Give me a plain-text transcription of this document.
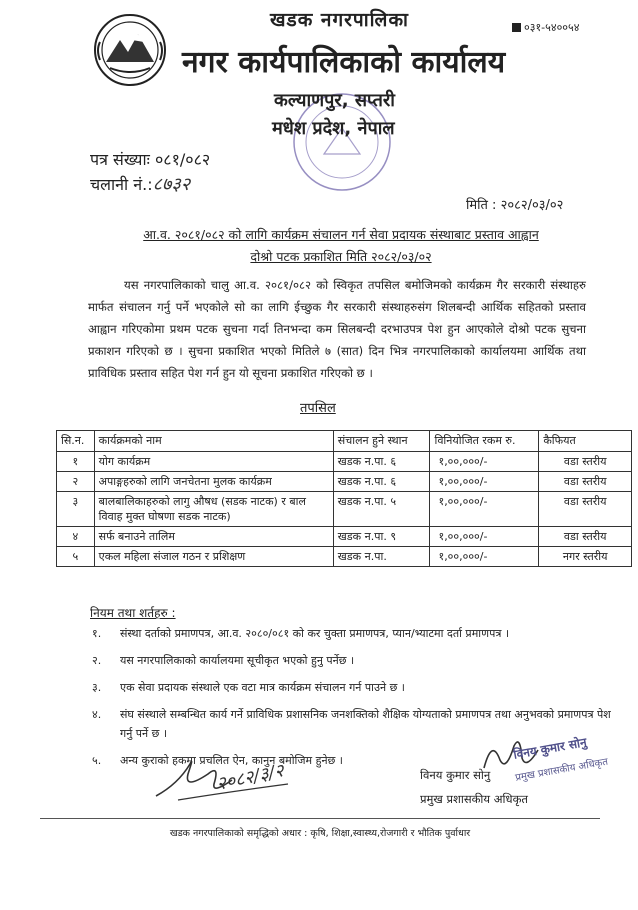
खडक नगरपालिका
नगर कार्यपालिकाको कार्यालय
०३१-५४००५४
कल्याणपुर, सप्तरी
मधेश प्रदेश, नेपाल
पत्र संख्याः ०८१/०८२
चलानी नं.:८७३२
मिति : २०८२/०३/०२
आ.व. २०८१/०८२ को लागि कार्यक्रम संचालन गर्न सेवा प्रदायक संस्थाबाट प्रस्ताव आह्वान
दोश्रो पटक प्रकाशित मिति २०८२/०३/०२
यस नगरपालिकाको चालु आ.व. २०८१/०८२ को स्विकृत तपसिल बमोजिमको कार्यक्रम गैर सरकारी संस्थाहरु मार्फत संचालन गर्नु पर्ने भएकोले सो का लागि ईच्छुक गैर सरकारी संस्थाहरुसंग शिलबन्दी आर्थिक सहितको प्रस्ताव आह्वान गरिएकोमा प्रथम पटक सुचना गर्दा तिनभन्दा कम सिलबन्दी दरभाउपत्र पेश हुन आएकोले दोश्रो पटक सुचना प्रकाशन गरिएको छ । सुचना प्रकाशित भएको मितिले ७ (सात) दिन भित्र नगरपालिकाको कार्यालयमा आर्थिक तथा प्राविधिक प्रस्ताव सहित पेश गर्न हुन यो सूचना प्रकाशित गरिएको छ ।
तपसिल
सि.न.	कार्यक्रमको नाम	संचालन हुने स्थान	विनियोजित रकम रु.	कैफियत
१	योग कार्यक्रम	खडक न.पा. ६	१,००,०००/-	वडा स्तरीय
२	अपाङ्गहरुको लागि जनचेतना मुलक कार्यक्रम	खडक न.पा. ६	१,००,०००/-	वडा स्तरीय
३	बालबालिकाहरुको लागु औषध (सडक नाटक) र बाल विवाह मुक्त घोषणा सडक नाटक)	खडक न.पा. ५	१,००,०००/-	वडा स्तरीय
४	सर्फ बनाउने तालिम	खडक न.पा. ९	१,००,०००/-	वडा स्तरीय
५	एकल महिला संजाल गठन र प्रशिक्षण	खडक न.पा.	१,००,०००/-	नगर स्तरीय
नियम तथा शर्तहरु :
१. संस्था दर्ताको प्रमाणपत्र, आ.व. २०८०/०८१ को कर चुक्ता प्रमाणपत्र, प्यान/भ्याटमा दर्ता प्रमाणपत्र ।
२. यस नगरपालिकाको कार्यालयमा सूचीकृत भएको हुनु पर्नेछ ।
३. एक सेवा प्रदायक संस्थाले एक वटा मात्र कार्यक्रम संचालन गर्न पाउने छ ।
४. संघ संस्थाले सम्बन्धित कार्य गर्ने प्राविधिक प्रशासनिक जनशक्तिको शैक्षिक योग्यताको प्रमाणपत्र तथा अनुभवको प्रमाणपत्र पेश गर्नु पर्ने छ ।
५. अन्य कुराको हकमा प्रचलित ऐन, कानुन बमोजिम हुनेछ ।
२०८२/३/२
विनय कुमार सोनु
प्रमुख प्रशासकीय अधिकृत
विनय कुमार सोनु
प्रमुख प्रशासकीय अधिकृत
खडक नगरपालिकाको समृद्धिको अधार : कृषि, शिक्षा,स्वास्थ्य,रोजगारी र भौतिक पुर्वाधार
